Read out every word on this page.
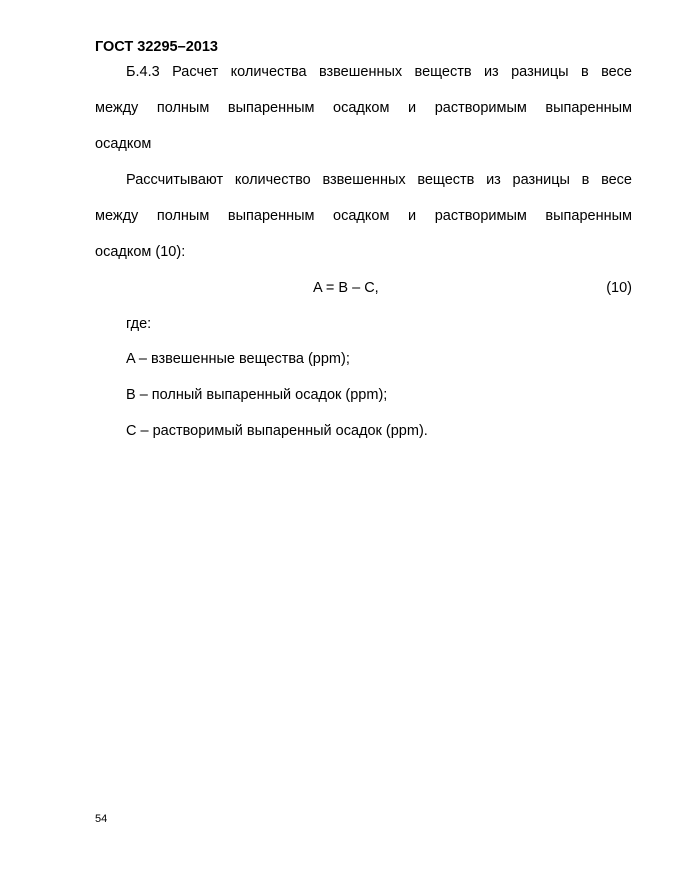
ГОСТ 32295–2013
Б.4.3 Расчет количества взвешенных веществ из разницы в весе
между полным выпаренным осадком и растворимым выпаренным
осадком
Рассчитывают количество взвешенных веществ из разницы в весе
между полным выпаренным осадком и растворимым выпаренным
осадком (10):
A = B – C,	(10)
где:
A – взвешенные вещества (ppm);
B – полный выпаренный осадок (ppm);
C – растворимый выпаренный осадок (ppm).
54
